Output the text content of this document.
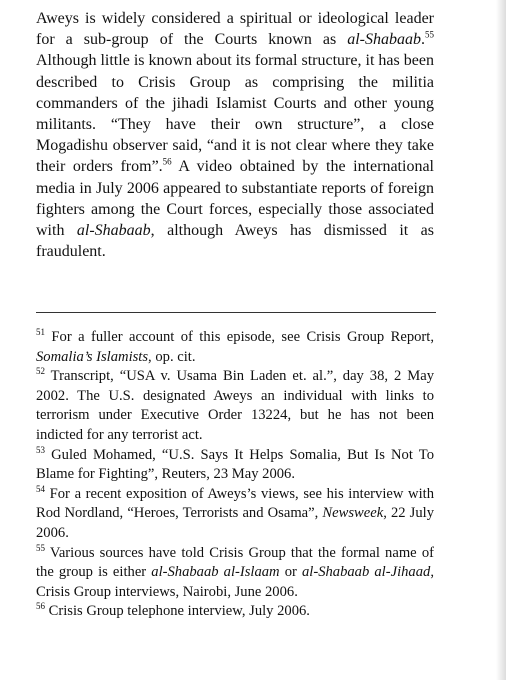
Aweys is widely considered a spiritual or ideological leader for a sub-group of the Courts known as al-Shabaab.$^{55}$ Although little is known about its formal structure, it has been described to Crisis Group as comprising the militia commanders of the jihadi Islamist Courts and other young militants. “They have their own structure”, a close Mogadishu observer said, “and it is not clear where they take their orders from”.$^{56}$ A video obtained by the international media in July 2006 appeared to substantiate reports of foreign fighters among the Court forces, especially those associated with al-Shabaab, although Aweys has dismissed it as fraudulent.

$^{51}$ For a fuller account of this episode, see Crisis Group Report, Somalia’s Islamists, op. cit.

$^{52}$ Transcript, “USA v. Usama Bin Laden et. al.”, day 38, 2 May 2002. The U.S. designated Aweys an individual with links to terrorism under Executive Order 13224, but he has not been indicted for any terrorist act.

$^{53}$ Guled Mohamed, “U.S. Says It Helps Somalia, But Is Not To Blame for Fighting”, Reuters, 23 May 2006.

$^{54}$ For a recent exposition of Aweys’s views, see his interview with Rod Nordland, “Heroes, Terrorists and Osama”, Newsweek, 22 July 2006.

$^{55}$ Various sources have told Crisis Group that the formal name of the group is either al-Shabaab al-Islaam or al-Shabaab al-Jihaad, Crisis Group interviews, Nairobi, June 2006.

$^{56}$ Crisis Group telephone interview, July 2006.
